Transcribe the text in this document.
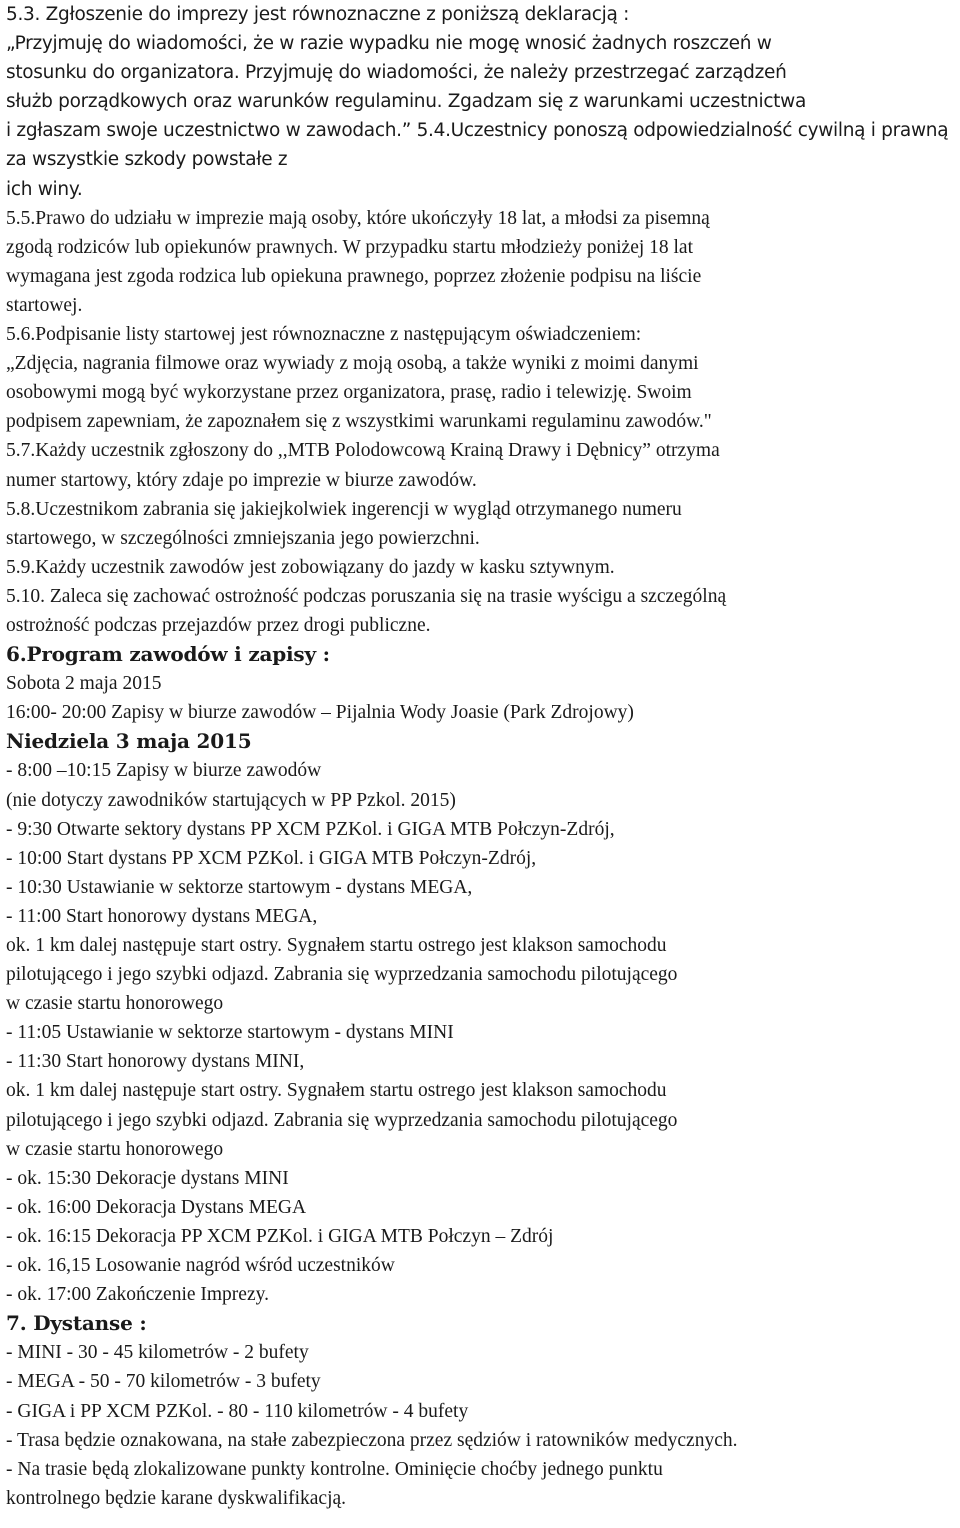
5.3. Zgłoszenie do imprezy jest równoznaczne z poniższą deklaracją :
„Przyjmuję do wiadomości, że w razie wypadku nie mogę wnosić żadnych roszczeń w
stosunku do organizatora. Przyjmuję do wiadomości, że należy przestrzegać zarządzeń
służb porządkowych oraz warunków regulaminu. Zgadzam się z warunkami uczestnictwa
i zgłaszam swoje uczestnictwo w zawodach.” 5.4.Uczestnicy ponoszą odpowiedzialność cywilną i prawną za wszystkie szkody powstałe z
ich winy.
5.5.Prawo do udziału w imprezie mają osoby, które ukończyły 18 lat, a młodsi za pisemną
zgodą rodziców lub opiekunów prawnych. W przypadku startu młodzieży poniżej 18 lat
wymagana jest zgoda rodzica lub opiekuna prawnego, poprzez złożenie podpisu na liście
startowej.
5.6.Podpisanie listy startowej jest równoznaczne z następującym oświadczeniem:
„Zdjęcia, nagrania filmowe oraz wywiady z moją osobą, a także wyniki z moimi danymi
osobowymi mogą być wykorzystane przez organizatora, prasę, radio i telewizję. Swoim
podpisem zapewniam, że zapoznałem się z wszystkimi warunkami regulaminu zawodów."
5.7.Każdy uczestnik zgłoszony do ,,MTB Polodowcową Krainą Drawy i Dębnicy” otrzyma
numer startowy, który zdaje po imprezie w biurze zawodów.
5.8.Uczestnikom zabrania się jakiejkolwiek ingerencji w wygląd otrzymanego numeru
startowego, w szczególności zmniejszania jego powierzchni.
5.9.Każdy uczestnik zawodów jest zobowiązany do jazdy w kasku sztywnym.
5.10. Zaleca się zachować ostrożność podczas poruszania się na trasie wyścigu a szczególną
ostrożność podczas przejazdów przez drogi publiczne.
6.Program zawodów i zapisy :
Sobota 2 maja 2015
16:00- 20:00 Zapisy w biurze zawodów – Pijalnia Wody Joasie (Park Zdrojowy)
Niedziela 3 maja 2015
- 8:00 –10:15 Zapisy w biurze zawodów
(nie dotyczy zawodników startujących w PP Pzkol. 2015)
- 9:30 Otwarte sektory dystans PP XCM PZKol. i GIGA MTB Połczyn-Zdrój,
- 10:00 Start dystans PP XCM PZKol. i GIGA MTB Połczyn-Zdrój,
- 10:30 Ustawianie w sektorze startowym - dystans MEGA,
- 11:00 Start honorowy dystans MEGA,
ok. 1 km dalej następuje start ostry. Sygnałem startu ostrego jest klakson samochodu
pilotującego i jego szybki odjazd. Zabrania się wyprzedzania samochodu pilotującego
w czasie startu honorowego
- 11:05 Ustawianie w sektorze startowym - dystans MINI
- 11:30 Start honorowy dystans MINI,
ok. 1 km dalej następuje start ostry. Sygnałem startu ostrego jest klakson samochodu
pilotującego i jego szybki odjazd. Zabrania się wyprzedzania samochodu pilotującego
w czasie startu honorowego
- ok. 15:30 Dekoracje dystans MINI
- ok. 16:00 Dekoracja Dystans MEGA
- ok. 16:15 Dekoracja PP XCM PZKol. i GIGA MTB Połczyn – Zdrój
- ok. 16,15 Losowanie nagród wśród uczestników
- ok. 17:00 Zakończenie Imprezy.
7. Dystanse :
- MINI - 30 - 45 kilometrów - 2 bufety
- MEGA - 50 - 70 kilometrów - 3 bufety
- GIGA i PP XCM PZKol. - 80 - 110 kilometrów - 4 bufety
- Trasa będzie oznakowana, na stałe zabezpieczona przez sędziów i ratowników medycznych.
- Na trasie będą zlokalizowane punkty kontrolne. Ominięcie choćby jednego punktu
kontrolnego będzie karane dyskwalifikacją.
